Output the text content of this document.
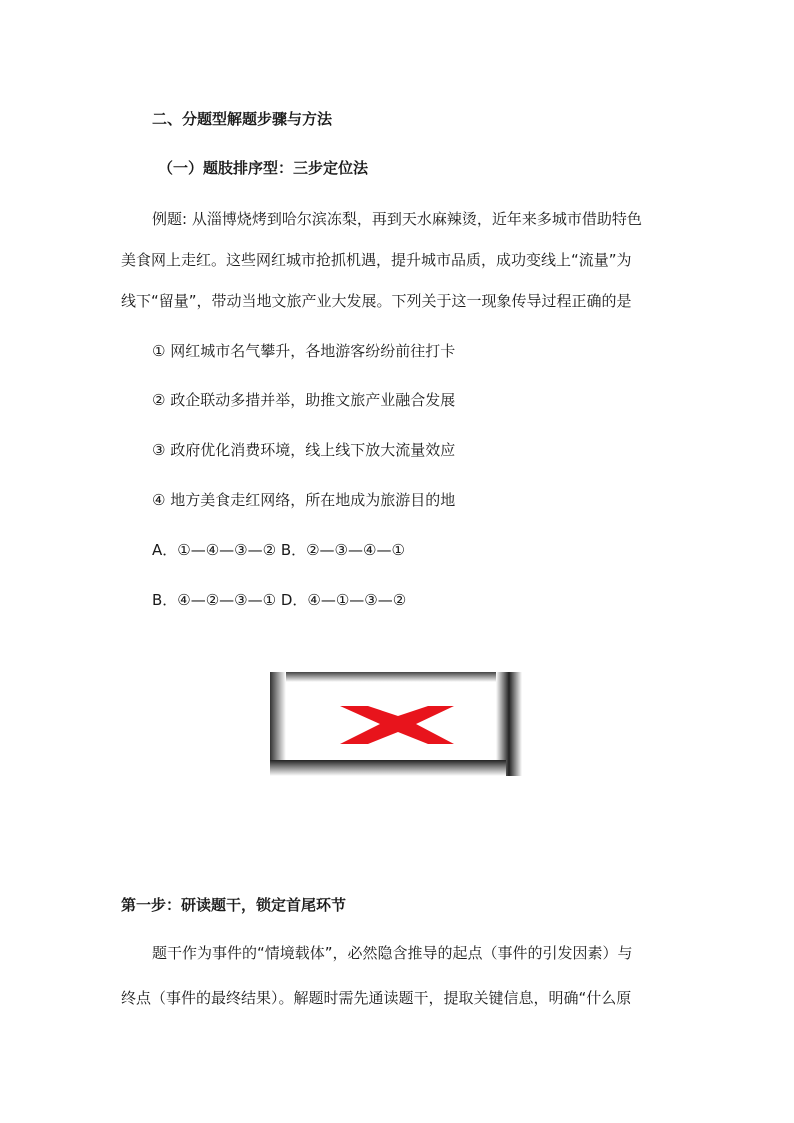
二、分题型解题步骤与方法
（一）题肢排序型：三步定位法
例题: 从淄博烧烤到哈尔滨冻梨，再到天水麻辣烫，近年来多城市借助特色
美食网上走红。这些网红城市抢抓机遇，提升城市品质，成功变线上“流量”为
线下“留量”，带动当地文旅产业大发展。下列关于这一现象传导过程正确的是
① 网红城市名气攀升，各地游客纷纷前往打卡
② 政企联动多措并举，助推文旅产业融合发展
③ 政府优化消费环境，线上线下放大流量效应
④ 地方美食走红网络，所在地成为旅游目的地
A．①—④—③—② B．②—③—④—①
B．④—②—③—① D．④—①—③—②
第一步：研读题干，锁定首尾环节
题干作为事件的“情境载体”，必然隐含推导的起点（事件的引发因素）与
终点（事件的最终结果）。解题时需先通读题干，提取关键信息，明确“什么原
